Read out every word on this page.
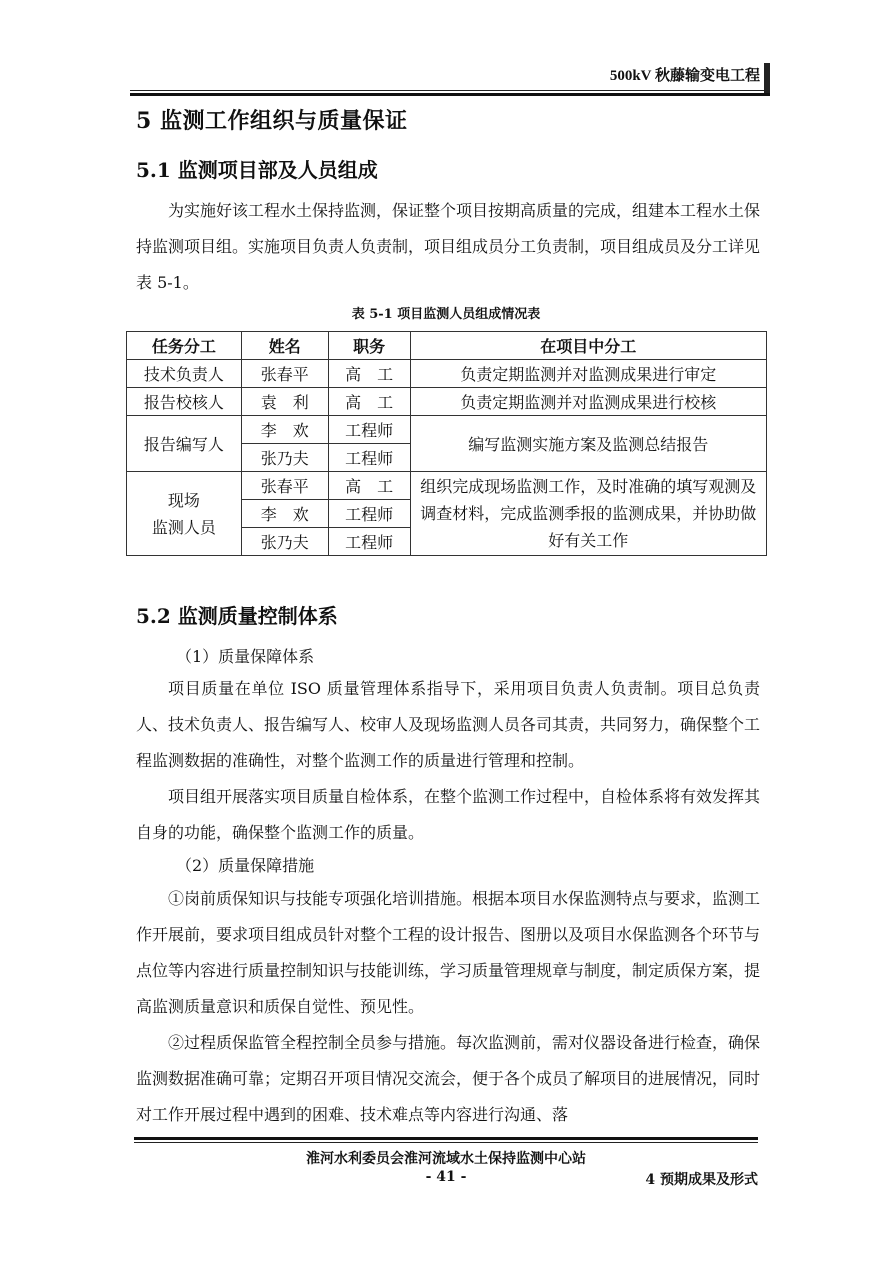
500kV 秋藤输变电工程
5 监测工作组织与质量保证
5.1 监测项目部及人员组成
为实施好该工程水土保持监测，保证整个项目按期高质量的完成，组建本工程水土保持监测项目组。实施项目负责人负责制，项目组成员分工负责制，项目组成员及分工详见表 5-1。
表 5-1 项目监测人员组成情况表
任务分工	姓名	职务	在项目中分工
技术负责人	张春平	高　工	负责定期监测并对监测成果进行审定
报告校核人	袁　利	高　工	负责定期监测并对监测成果进行校核
报告编写人	李　欢	工程师	编写监测实施方案及监测总结报告
	张乃夫	工程师	

现场
监测人员	张春平	高　工	组织完成现场监测工作，及时准确的填写观测及调查材料，完成监测季报的监测成果，并协助做好有关工作
	李　欢	工程师	
	张乃夫	工程师	
5.2 监测质量控制体系
（1）质量保障体系
项目质量在单位 ISO 质量管理体系指导下，采用项目负责人负责制。项目总负责人、技术负责人、报告编写人、校审人及现场监测人员各司其责，共同努力，确保整个工程监测数据的准确性，对整个监测工作的质量进行管理和控制。
项目组开展落实项目质量自检体系，在整个监测工作过程中，自检体系将有效发挥其自身的功能，确保整个监测工作的质量。
（2）质量保障措施
①岗前质保知识与技能专项强化培训措施。根据本项目水保监测特点与要求，监测工作开展前，要求项目组成员针对整个工程的设计报告、图册以及项目水保监测各个环节与点位等内容进行质量控制知识与技能训练，学习质量管理规章与制度，制定质保方案，提高监测质量意识和质保自觉性、预见性。
②过程质保监管全程控制全员参与措施。每次监测前，需对仪器设备进行检查，确保监测数据准确可靠；定期召开项目情况交流会，便于各个成员了解项目的进展情况，同时对工作开展过程中遇到的困难、技术难点等内容进行沟通、落
淮河水利委员会淮河流域水土保持监测中心站
- 41 -	4 预期成果及形式
